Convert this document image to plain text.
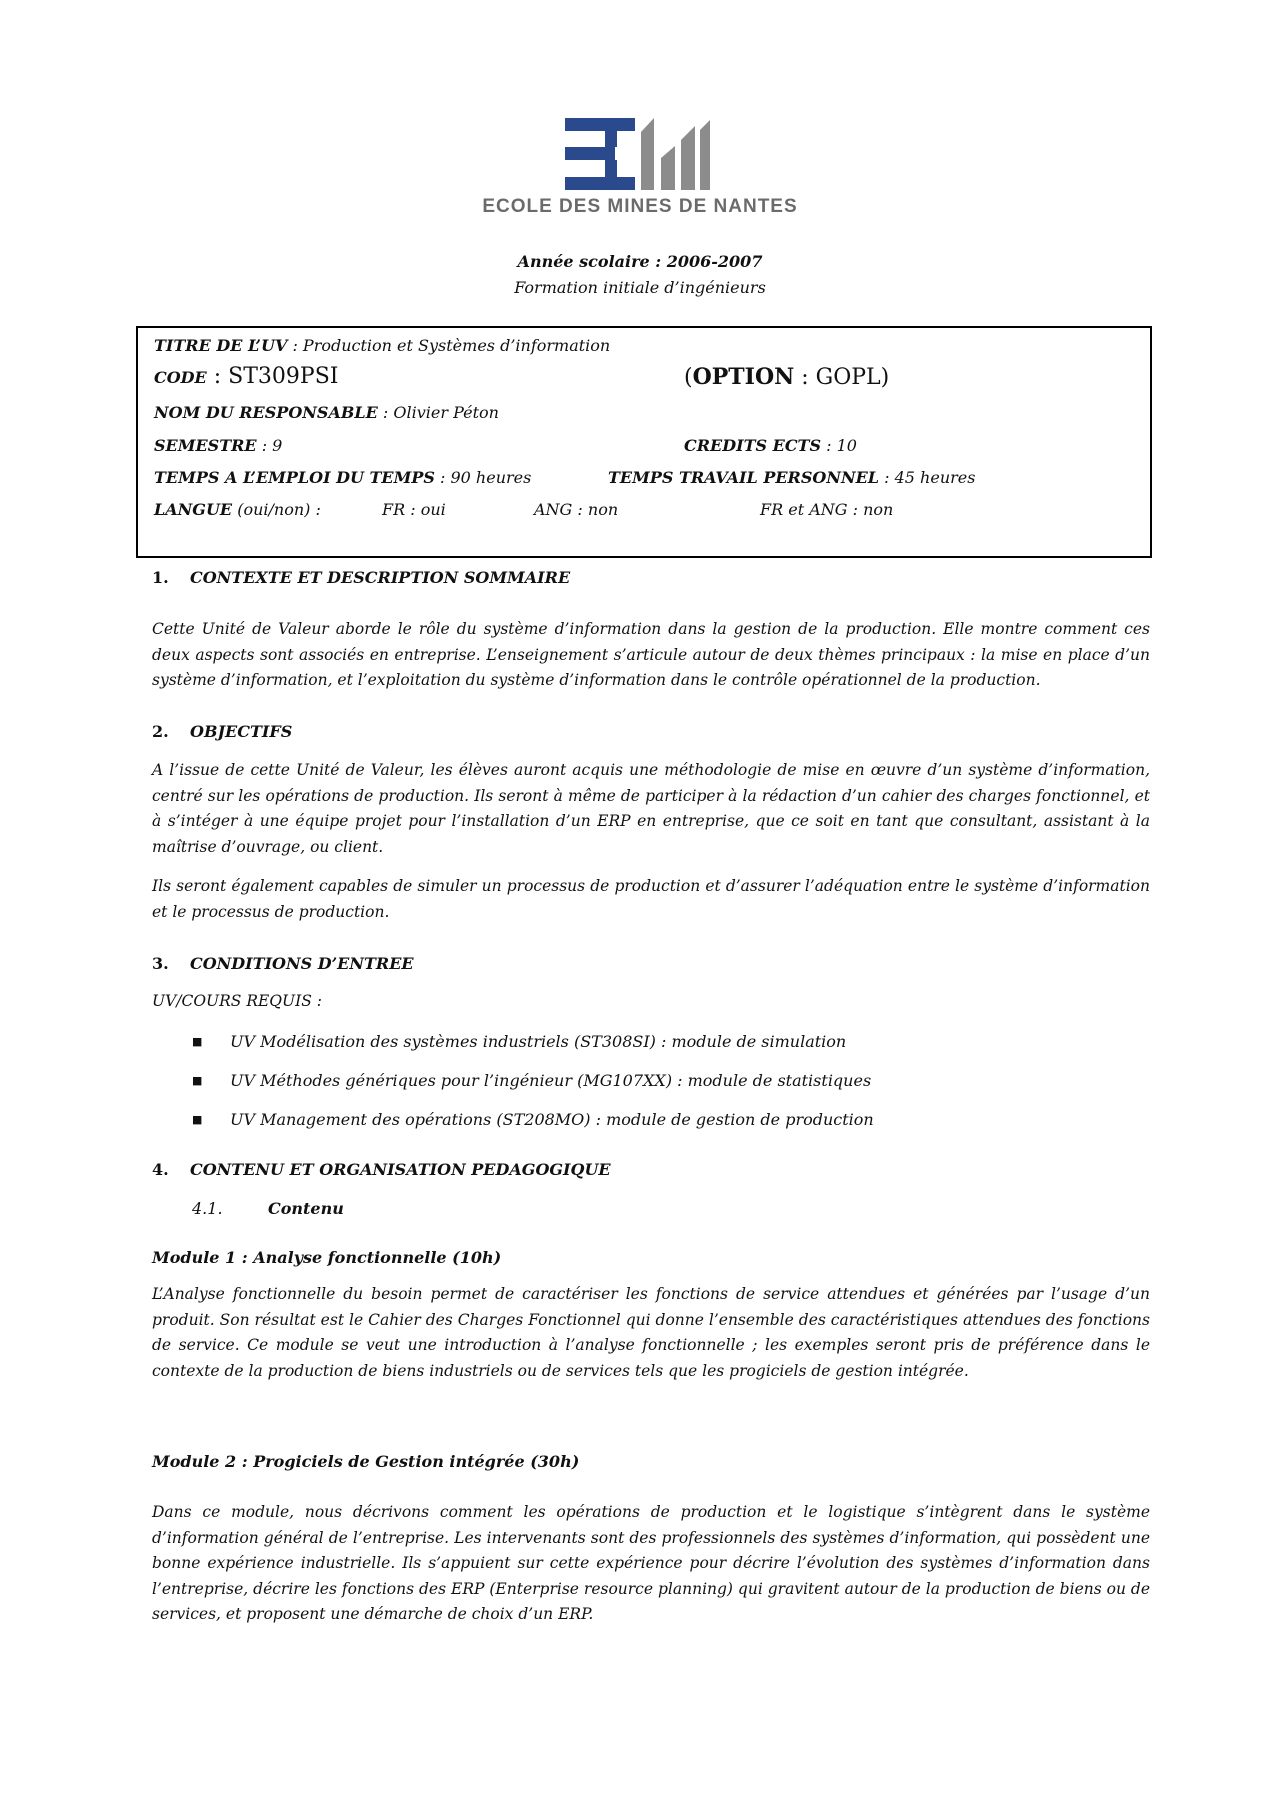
ECOLE DES MINES DE NANTES
Année scolaire : 2006-2007
Formation initiale d’ingénieurs
TITRE DE L’UV : Production et Systèmes d’information
CODE : ST309PSI	(OPTION : GOPL)
NOM DU RESPONSABLE : Olivier Péton
SEMESTRE : 9	CREDITS ECTS : 10
TEMPS A L’EMPLOI DU TEMPS : 90 heures	TEMPS TRAVAIL PERSONNEL : 45 heures
LANGUE (oui/non) :	FR : oui	ANG : non	FR et ANG : non
1. CONTEXTE ET DESCRIPTION SOMMAIRE
Cette Unité de Valeur aborde le rôle du système d’information dans la gestion de la production. Elle montre comment ces deux aspects sont associés en entreprise. L’enseignement s’articule autour de deux thèmes principaux : la mise en place d’un système d’information, et l’exploitation du système d’information dans le contrôle opérationnel de la production.
2. OBJECTIFS
A l’issue de cette Unité de Valeur, les élèves auront acquis une méthodologie de mise en œuvre d’un système d’information, centré sur les opérations de production. Ils seront à même de participer à la rédaction d’un cahier des charges fonctionnel, et à s’intéger à une équipe projet pour l’installation d’un ERP en entreprise, que ce soit en tant que consultant, assistant à la maîtrise d’ouvrage, ou client.
Ils seront également capables de simuler un processus de production et d’assurer l’adéquation entre le système d’information et le processus de production.
3. CONDITIONS D’ENTREE
UV/COURS REQUIS :
■ UV Modélisation des systèmes industriels (ST308SI) : module de simulation
■ UV Méthodes génériques pour l’ingénieur (MG107XX) : module de statistiques
■ UV Management des opérations (ST208MO) : module de gestion de production
4. CONTENU ET ORGANISATION PEDAGOGIQUE
4.1.	Contenu
Module 1 : Analyse fonctionnelle (10h)
L’Analyse fonctionnelle du besoin permet de caractériser les fonctions de service attendues et générées par l’usage d’un produit. Son résultat est le Cahier des Charges Fonctionnel qui donne l’ensemble des caractéristiques attendues des fonctions de service. Ce module se veut une introduction à l’analyse fonctionnelle ; les exemples seront pris de préférence dans le contexte de la production de biens industriels ou de services tels que les progiciels de gestion intégrée.
Module 2 : Progiciels de Gestion intégrée (30h)
Dans ce module, nous décrivons comment les opérations de production et le logistique s’intègrent dans le système d’information général de l’entreprise. Les intervenants sont des professionnels des systèmes d’information, qui possèdent une bonne expérience industrielle. Ils s’appuient sur cette expérience pour décrire l’évolution des systèmes d’information dans l’entreprise, décrire les fonctions des ERP (Enterprise resource planning) qui gravitent autour de la production de biens ou de services, et proposent une démarche de choix d’un ERP.
